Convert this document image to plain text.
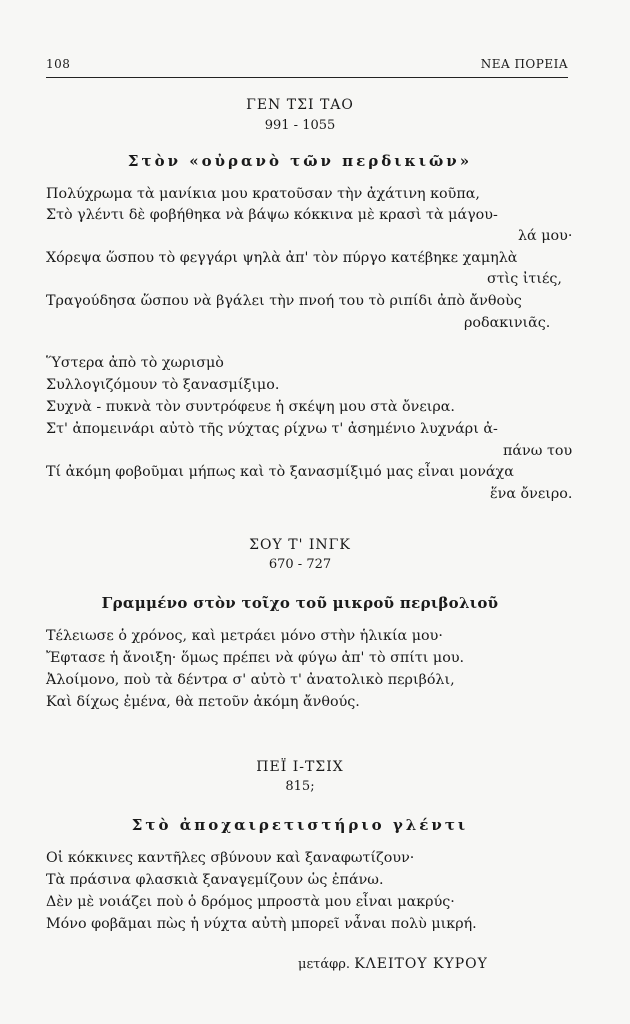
108	ΝΕΑ ΠΟΡΕΙΑ
ΓΕΝ ΤΣΙ ΤΑΟ
991 - 1055
Στὸν «οὐρανὸ τῶν περδικιῶν»
Πολύχρωμα τὰ μανίκια μου κρατοῦσαν τὴν ἀχάτινη κοῦπα,
Στὸ γλέντι δὲ φοβήθηκα νὰ βάψω κόκκινα μὲ κρασὶ τὰ μάγου-
λά μου·
Χόρεψα ὥσπου τὸ φεγγάρι ψηλὰ ἀπ' τὸν πύργο κατέβηκε χαμηλὰ
στὶς ἰτιές,
Τραγούδησα ὥσπου νὰ βγάλει τὴν πνοή του τὸ ριπίδι ἀπὸ ἄνθοὺς
ροδακινιᾶς.
Ὕστερα ἀπὸ τὸ χωρισμὸ
Συλλογιζόμουν τὸ ξανασμίξιμο.
Συχνὰ - πυκνὰ τὸν συντρόφευε ἡ σκέψη μου στὰ ὄνειρα.
Στ' ἀπομεινάρι αὐτὸ τῆς νύχτας ρίχνω τ' ἀσημένιο λυχνάρι ἀ-
πάνω του
Τί ἀκόμη φοβοῦμαι μήπως καὶ τὸ ξανασμίξιμό μας εἶναι μονάχα
ἕνα ὄνειρο.
ΣΟΥ Τ' ΙΝΓΚ
670 - 727
Γραμμένο στὸν τοῖχο τοῦ μικροῦ περιβολιοῦ
Τέλειωσε ὁ χρόνος, καὶ μετράει μόνο στὴν ἡλικία μου·
Ἔφτασε ἡ ἄνοιξη· ὅμως πρέπει νὰ φύγω ἀπ' τὸ σπίτι μου.
Ἀλοίμονο, ποὺ τὰ δέντρα σ' αὐτὸ τ' ἀνατολικὸ περιβόλι,
Καὶ δίχως ἐμένα, θὰ πετοῦν ἀκόμη ἄνθούς.
ΠΕΪ Ι-ΤΣΙΧ
815;
Στὸ ἀποχαιρετιστήριο γλέντι
Οἱ κόκκινες καντῆλες σβύνουν καὶ ξαναφωτίζουν·
Τὰ πράσινα φλασκιὰ ξαναγεμίζουν ὡς ἐπάνω.
Δὲν μὲ νοιάζει ποὺ ὁ δρόμος μπροστὰ μου εἶναι μακρύς·
Μόνο φοβᾶμαι πὼς ἡ νύχτα αὐτὴ μπορεῖ νἆναι πολὺ μικρή.
μετάφρ. ΚΛΕΙΤΟΥ ΚΥΡΟΥ
